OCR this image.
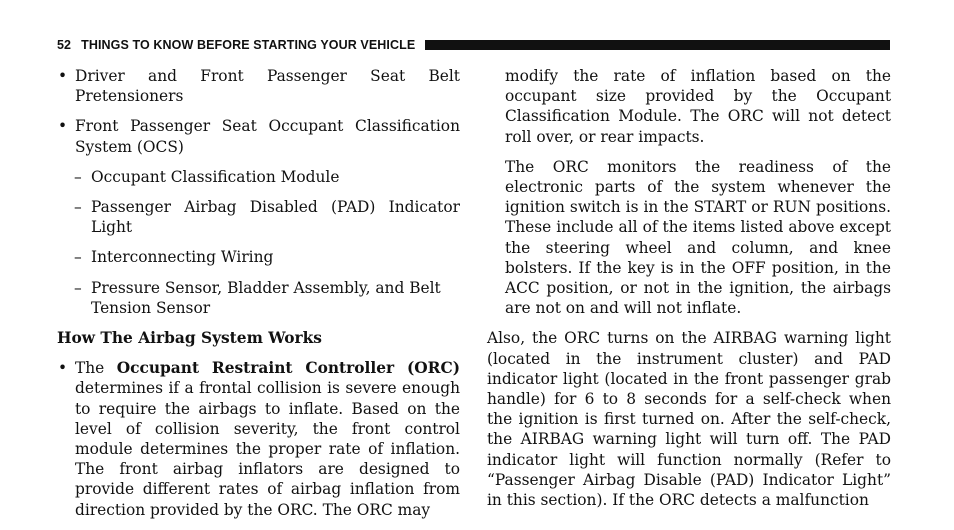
52 THINGS TO KNOW BEFORE STARTING YOUR VEHICLE
• Driver and Front Passenger Seat Belt Pretensioners
• Front Passenger Seat Occupant Classification System (OCS)
– Occupant Classification Module
– Passenger Airbag Disabled (PAD) Indicator Light
– Interconnecting Wiring
– Pressure Sensor, Bladder Assembly, and Belt Tension Sensor
How The Airbag System Works
• The Occupant Restraint Controller (ORC) determines if a frontal collision is severe enough to require the airbags to inflate. Based on the level of collision severity, the front control module determines the proper rate of inflation. The front airbag inflators are designed to provide different rates of airbag inflation from direction provided by the ORC. The ORC may

modify the rate of inflation based on the occupant size provided by the Occupant Classification Module. The ORC will not detect roll over, or rear impacts.

The ORC monitors the readiness of the electronic parts of the system whenever the ignition switch is in the START or RUN positions. These include all of the items listed above except the steering wheel and column, and knee bolsters. If the key is in the OFF position, in the ACC position, or not in the ignition, the airbags are not on and will not inflate.

Also, the ORC turns on the AIRBAG warning light (located in the instrument cluster) and PAD indicator light (located in the front passenger grab handle) for 6 to 8 seconds for a self-check when the ignition is first turned on. After the self-check, the AIRBAG warning light will turn off. The PAD indicator light will function normally (Refer to “Passenger Airbag Disable (PAD) Indicator Light” in this section). If the ORC detects a malfunction
